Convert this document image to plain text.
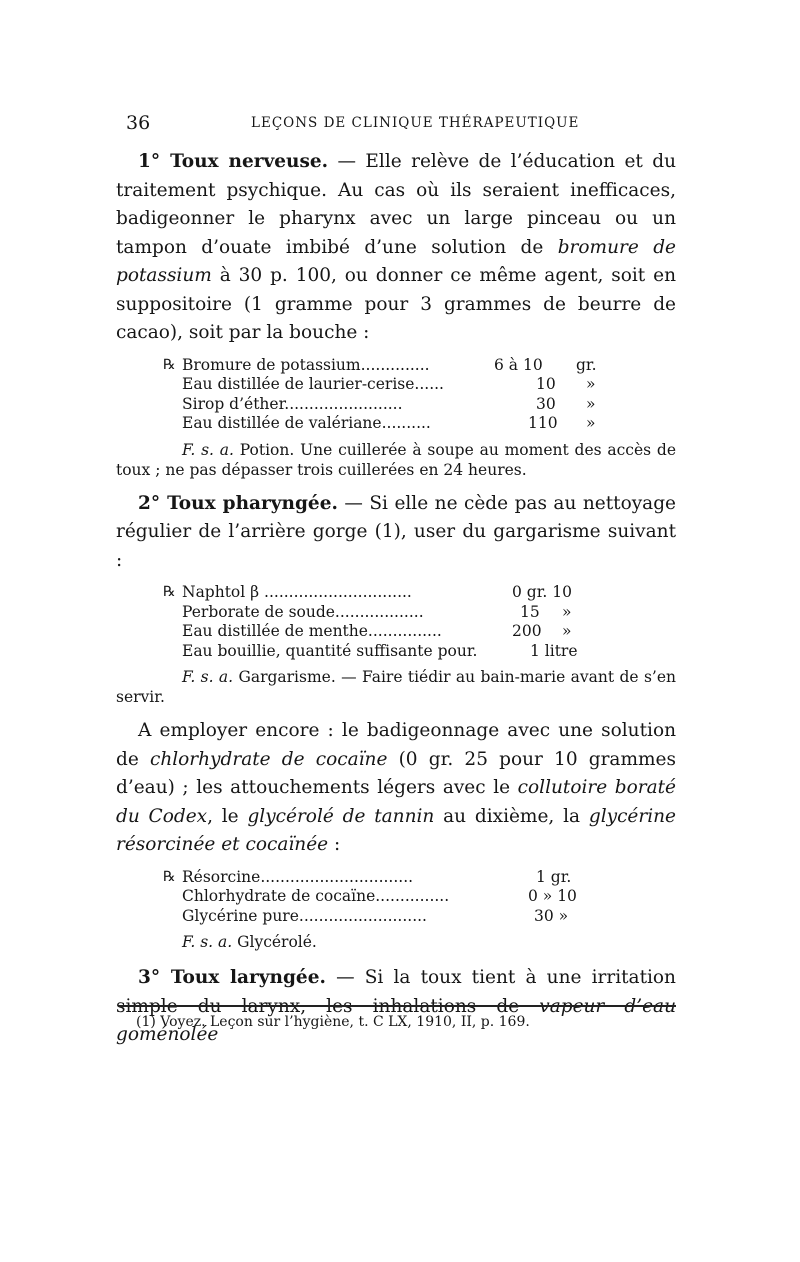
36	LEÇONS DE CLINIQUE THÉRAPEUTIQUE

1° Toux nerveuse. — Elle relève de l’éducation et du traitement psychique. Au cas où ils seraient inefficaces, badigeonner le pharynx avec un large pinceau ou un tampon d’ouate imbibé d’une solution de bromure de potassium à 30 p. 100, ou donner ce même agent, soit en suppositoire (1 gramme pour 3 grammes de beurre de cacao), soit par la bouche :

℞ Bromure de potassium..............	6 à 10 gr.
Eau distillée de laurier-cerise......	10 »
Sirop d’éther........................	30 »
Eau distillée de valériane..........	110 »

F. s. a. Potion. Une cuillerée à soupe au moment des accès de toux ; ne pas dépasser trois cuillerées en 24 heures.

2° Toux pharyngée. — Si elle ne cède pas au nettoyage régulier de l’arrière gorge (1), user du gargarisme suivant :

℞ Naphtol β ..............................	0 gr. 10
Perborate de soude..................	15 »
Eau distillée de menthe...............	200 »
Eau bouillie, quantité suffisante pour.	1 litre

F. s. a. Gargarisme. — Faire tiédir au bain-marie avant de s’en servir.

A employer encore : le badigeonnage avec une solution de chlorhydrate de cocaïne (0 gr. 25 pour 10 grammes d’eau) ; les attouchements légers avec le collutoire boraté du Codex, le glycérolé de tannin au dixième, la glycérine résorcinée et cocaïnée :

℞ Résorcine...............................	1 gr.
Chlorhydrate de cocaïne...............	0 » 10
Glycérine pure..........................	30 »

F. s. a. Glycérolé.

3° Toux laryngée. — Si la toux tient à une irritation simple du larynx, les inhalations de vapeur d’eau goménolée

(1) Voyez. Leçon sur l’hygiène, t. C LX, 1910, II, p. 169.
